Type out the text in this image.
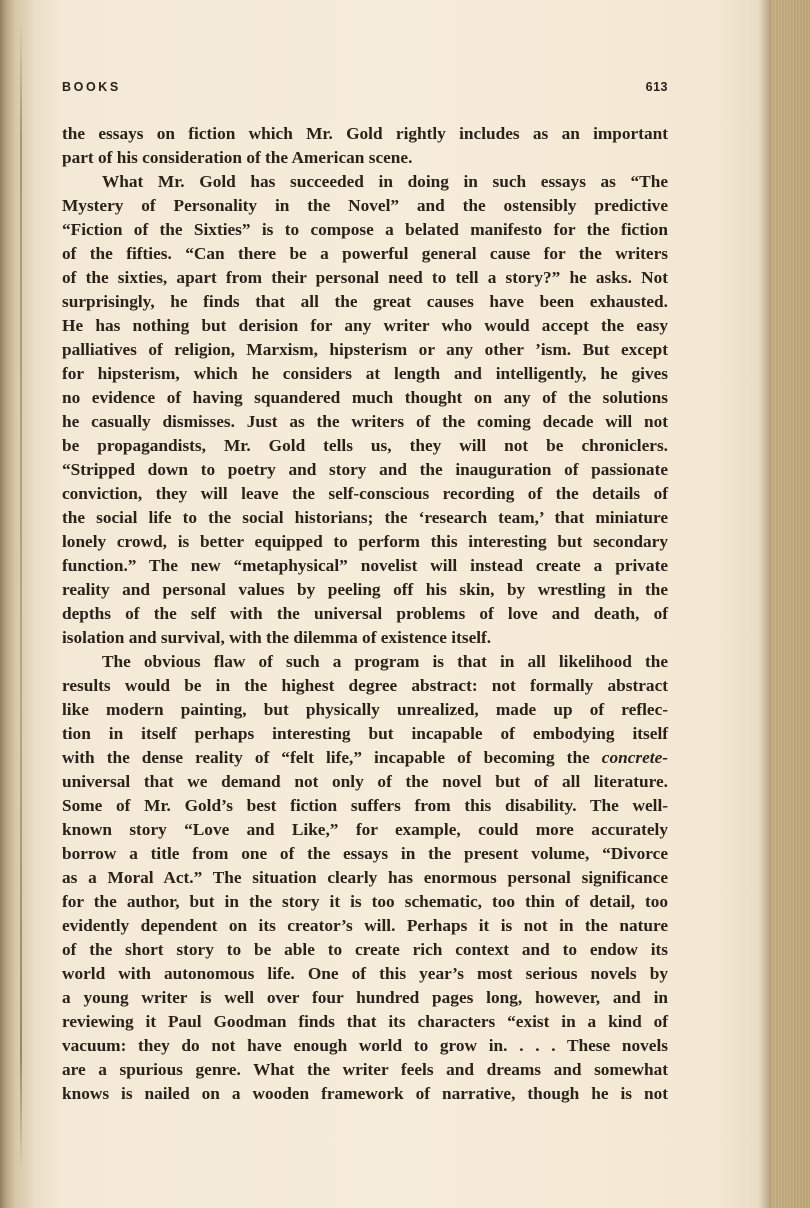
BOOKS	613
the essays on fiction which Mr. Gold rightly includes as an important
part of his consideration of the American scene.
What Mr. Gold has succeeded in doing in such essays as “The
Mystery of Personality in the Novel” and the ostensibly predictive
“Fiction of the Sixties” is to compose a belated manifesto for the fiction
of the fifties. “Can there be a powerful general cause for the writers
of the sixties, apart from their personal need to tell a story?” he asks. Not
surprisingly, he finds that all the great causes have been exhausted.
He has nothing but derision for any writer who would accept the easy
palliatives of religion, Marxism, hipsterism or any other ’ism. But except
for hipsterism, which he considers at length and intelligently, he gives
no evidence of having squandered much thought on any of the solutions
he casually dismisses. Just as the writers of the coming decade will not
be propagandists, Mr. Gold tells us, they will not be chroniclers.
“Stripped down to poetry and story and the inauguration of passionate
conviction, they will leave the self-conscious recording of the details of
the social life to the social historians; the ‘research team,’ that miniature
lonely crowd, is better equipped to perform this interesting but secondary
function.” The new “metaphysical” novelist will instead create a private
reality and personal values by peeling off his skin, by wrestling in the
depths of the self with the universal problems of love and death, of
isolation and survival, with the dilemma of existence itself.
The obvious flaw of such a program is that in all likelihood the
results would be in the highest degree abstract: not formally abstract
like modern painting, but physically unrealized, made up of reflec-
tion in itself perhaps interesting but incapable of embodying itself
with the dense reality of “felt life,” incapable of becoming the concrete-
universal that we demand not only of the novel but of all literature.
Some of Mr. Gold’s best fiction suffers from this disability. The well-
known story “Love and Like,” for example, could more accurately
borrow a title from one of the essays in the present volume, “Divorce
as a Moral Act.” The situation clearly has enormous personal significance
for the author, but in the story it is too schematic, too thin of detail, too
evidently dependent on its creator’s will. Perhaps it is not in the nature
of the short story to be able to create rich context and to endow its
world with autonomous life. One of this year’s most serious novels by
a young writer is well over four hundred pages long, however, and in
reviewing it Paul Goodman finds that its characters “exist in a kind of
vacuum: they do not have enough world to grow in. . . . These novels
are a spurious genre. What the writer feels and dreams and somewhat
knows is nailed on a wooden framework of narrative, though he is not
